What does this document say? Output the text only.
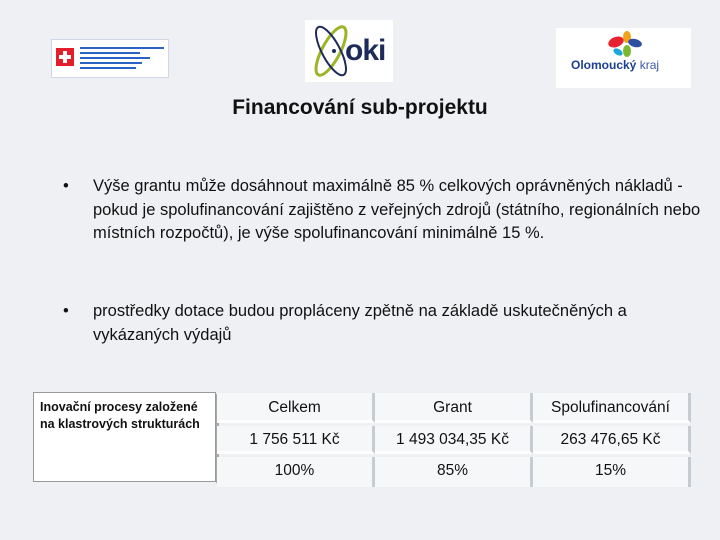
oki	Olomoucký kraj
Financování sub-projektu
• Výše grantu může dosáhnout maximálně 85 % celkových oprávněných nákladů - pokud je spolufinancování zajištěno z veřejných zdrojů (státního, regionálních nebo místních rozpočtů), je výše spolufinancování minimálně 15 %.
• prostředky dotace budou propláceny zpětně na základě uskutečněných a vykázaných výdajů
Inovační procesy založené na klastrových strukturách
Celkem	Grant	Spolufinancování
1 756 511 Kč	1 493 034,35 Kč	263 476,65 Kč
100%	85%	15%
